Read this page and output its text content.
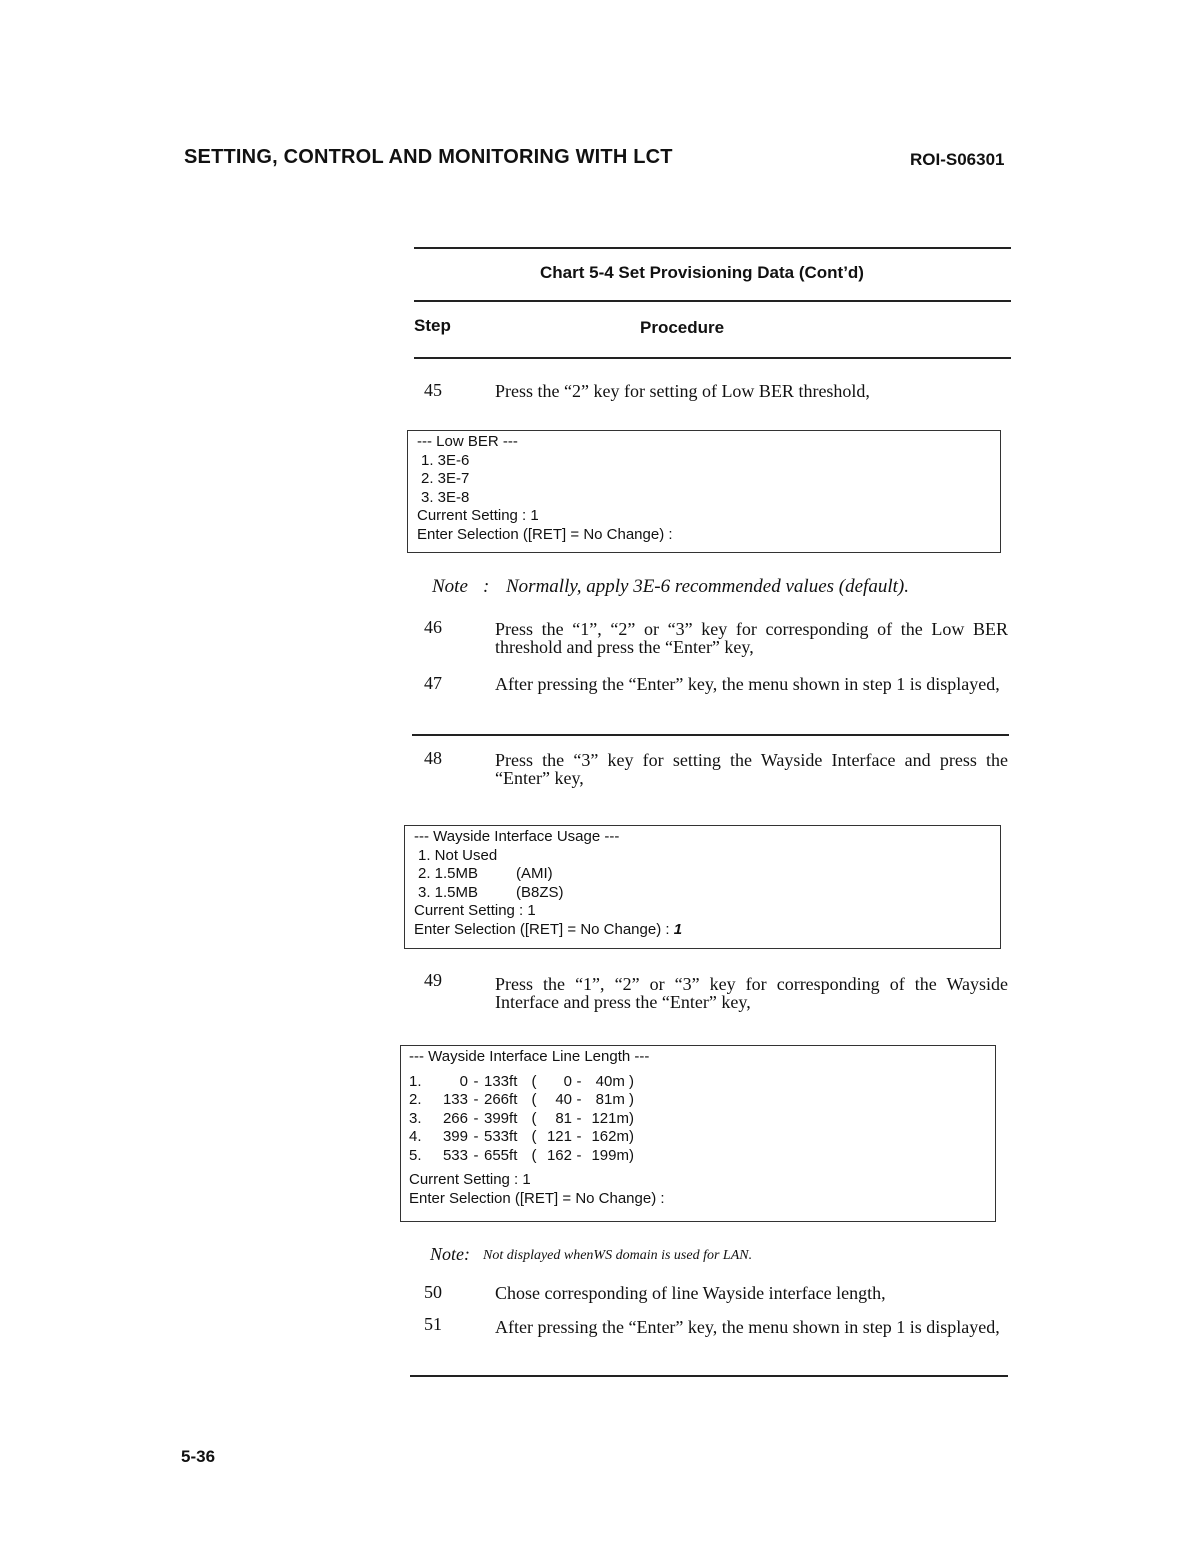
SETTING, CONTROL AND MONITORING WITH LCT	ROI-S06301
Chart 5-4 Set Provisioning Data (Cont’d)
Step	Procedure
45	Press the “2” key for setting of Low BER threshold,
--- Low BER ---
1. 3E-6
2. 3E-7
3. 3E-8
Current Setting : 1
Enter Selection ([RET] = No Change) :
Note : Normally, apply 3E-6 recommended values (default).
46	Press the “1”, “2” or “3” key for corresponding of the Low BER threshold and press the “Enter” key,
47	After pressing the “Enter” key, the menu shown in step 1 is displayed,
48	Press the “3” key for setting the Wayside Interface and press the “Enter” key,
--- Wayside Interface Usage ---
1. Not Used
2. 1.5MB	(AMI)
3. 1.5MB	(B8ZS)
Current Setting : 1
Enter Selection ([RET] = No Change) : 1
49	Press the “1”, “2” or “3” key for corresponding of the Wayside Interface and press the “Enter” key,
--- Wayside Interface Line Length ---
1.	0 - 133ft ( 0 - 40m )
2. 133 - 266ft ( 40 - 81m )
3. 266 - 399ft ( 81 - 121m)
4. 399 - 533ft ( 121 - 162m)
5. 533 - 655ft ( 162 - 199m)
Current Setting : 1
Enter Selection ([RET] = No Change) :
Note: Not displayed whenWS domain is used for LAN.
50	Chose corresponding of line Wayside interface length,
51	After pressing the “Enter” key, the menu shown in step 1 is displayed,
5-36
